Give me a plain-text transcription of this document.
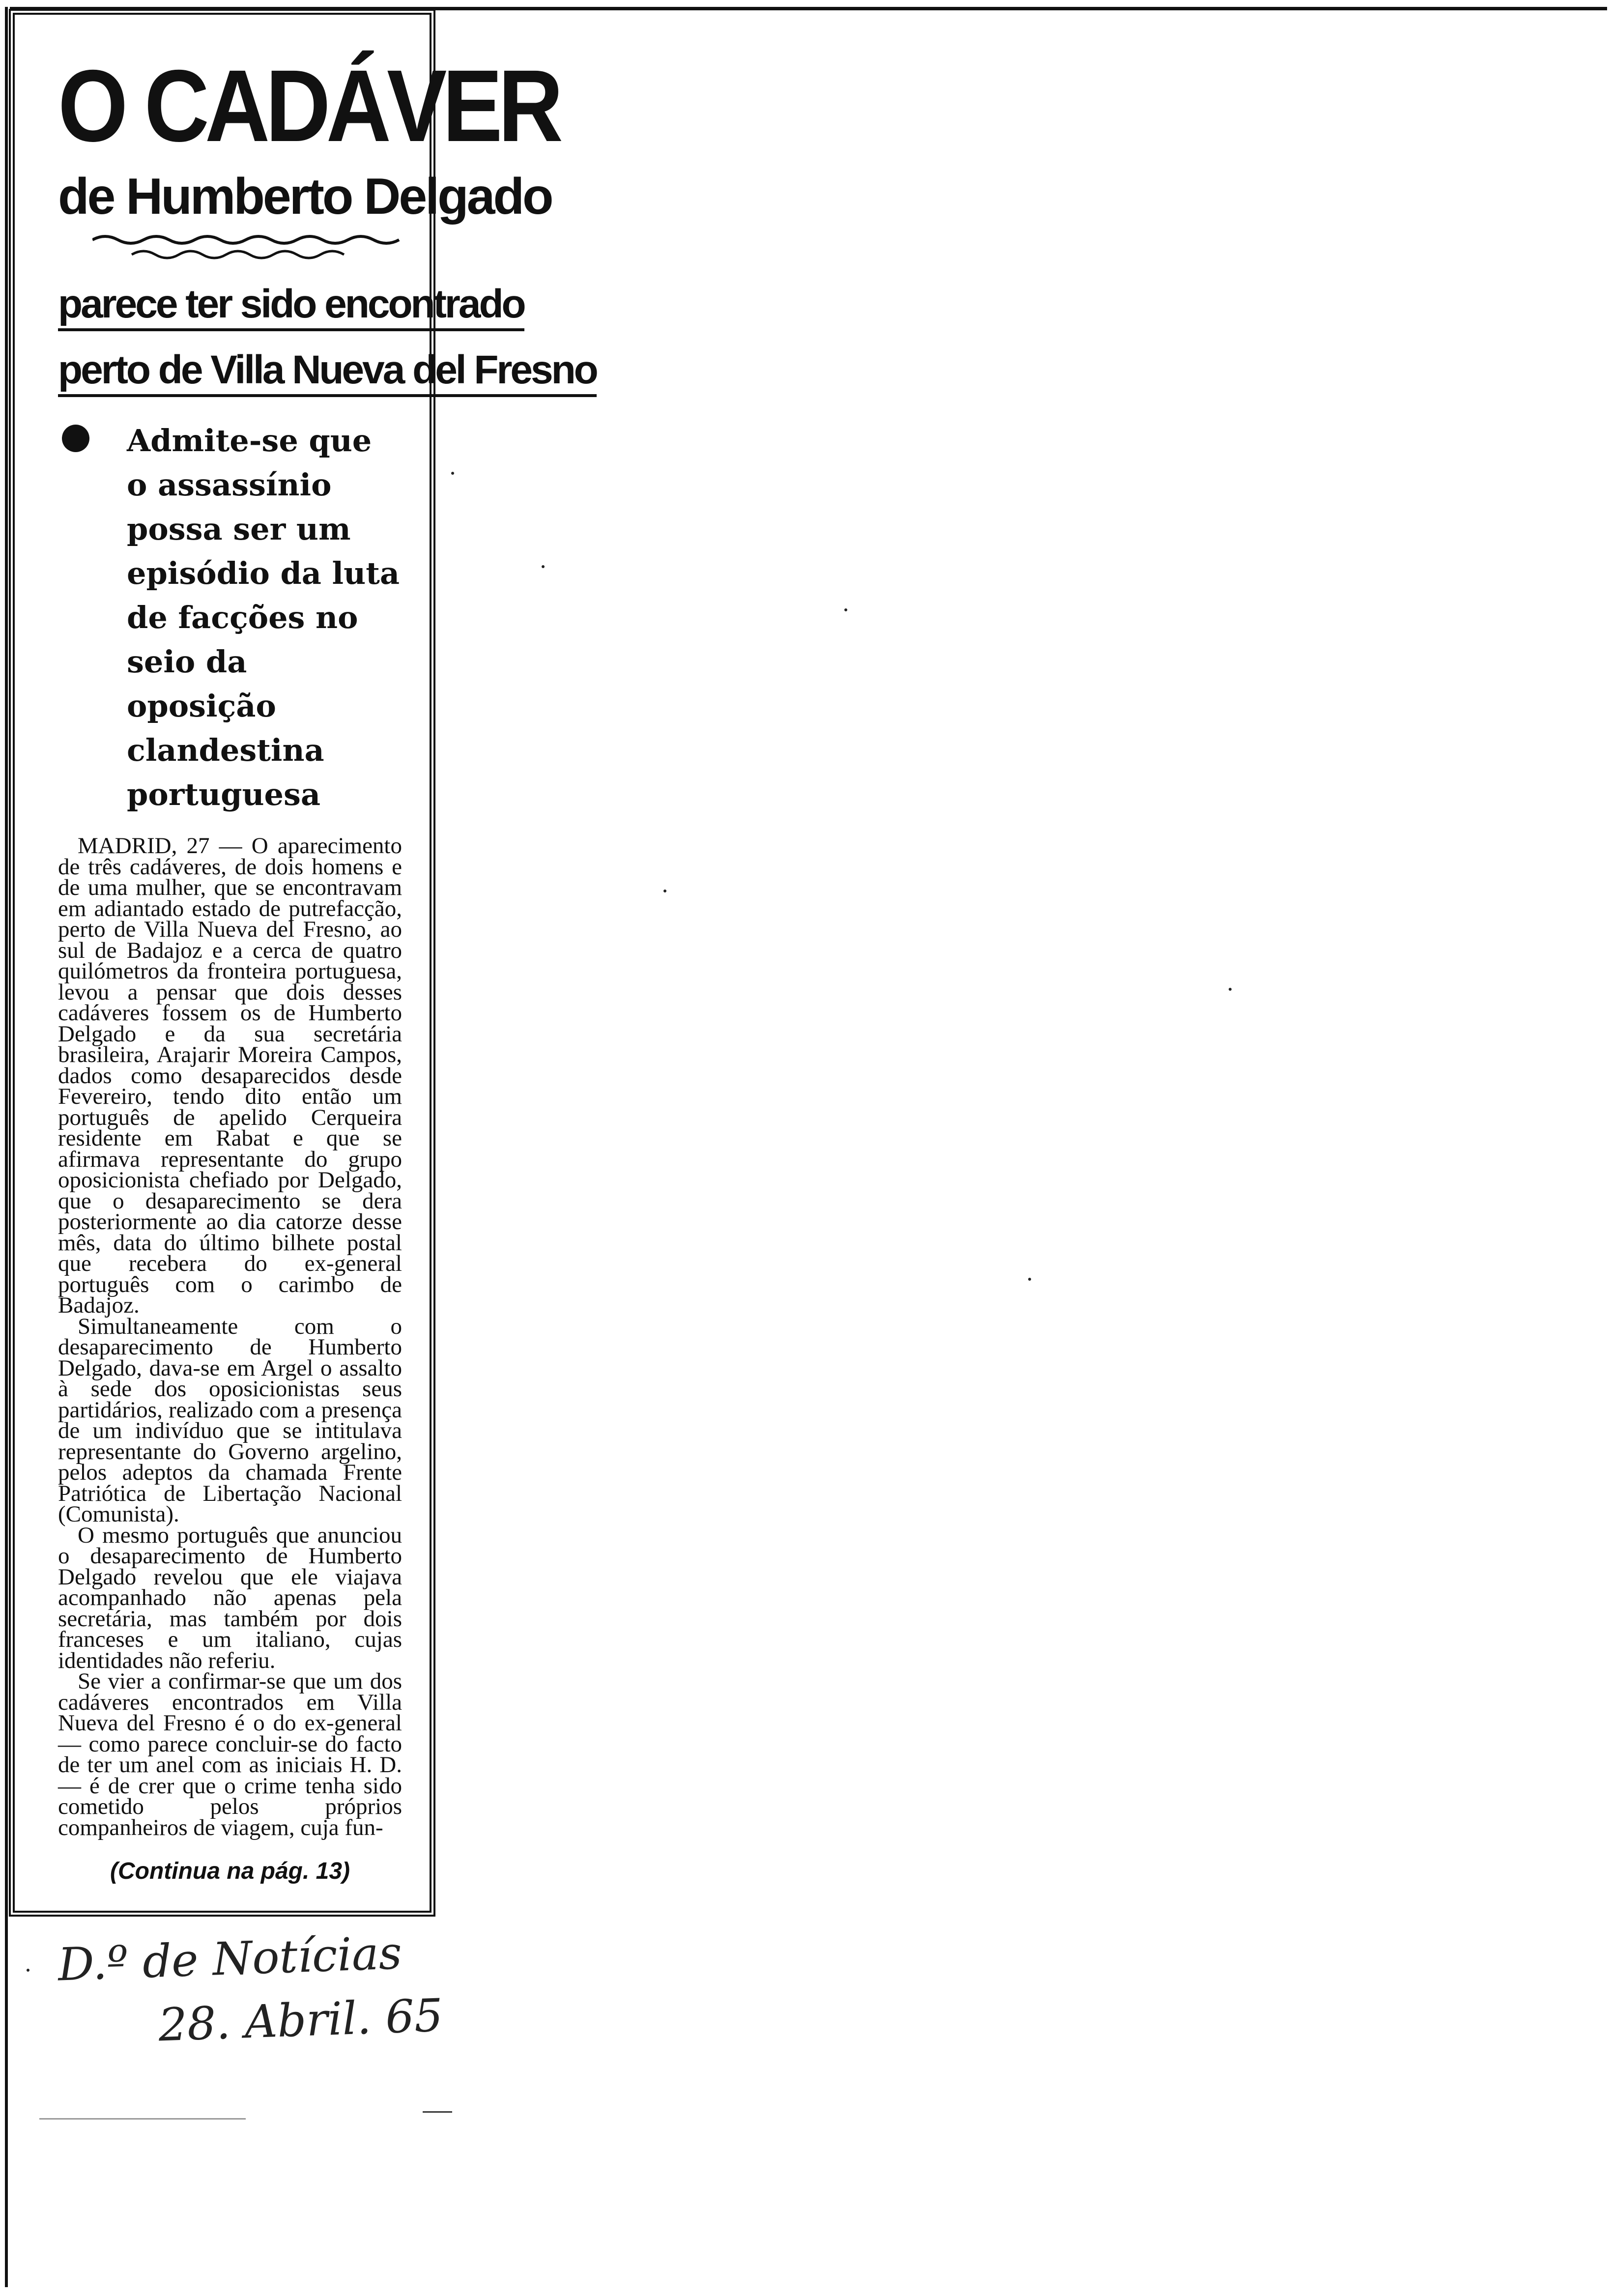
O CADÁVER
de Humberto Delgado
parece ter sido encontrado perto de Villa Nueva del Fresno
Admite-se que o assassínio possa ser um episódio da luta de facções no seio da oposição clandestina portuguesa

MADRID, 27 — O aparecimento de três cadáveres, de dois homens e de uma mulher, que se encontravam em adiantado estado de putrefacção, perto de Villa Nueva del Fresno, ao sul de Badajoz e a cerca de quatro quilómetros da fronteira portuguesa, levou a pensar que dois desses cadáveres fossem os de Humberto Delgado e da sua secretária brasileira, Arajarir Moreira Campos, dados como desaparecidos desde Fevereiro, tendo dito então um português de apelido Cerqueira residente em Rabat e que se afirmava representante do grupo oposicionista chefiado por Delgado, que o desaparecimento se dera posteriormente ao dia catorze desse mês, data do último bilhete postal que recebera do ex-general português com o carimbo de Badajoz.

Simultaneamente com o desaparecimento de Humberto Delgado, dava-se em Argel o assalto à sede dos oposicionistas seus partidários, realizado com a presença de um indivíduo que se intitulava representante do Governo argelino, pelos adeptos da chamada Frente Patriótica de Libertação Nacional (Comunista).

O mesmo português que anunciou o desaparecimento de Humberto Delgado revelou que ele viajava acompanhado não apenas pela secretária, mas também por dois franceses e um italiano, cujas identidades não referiu.

Se vier a confirmar-se que um dos cadáveres encontrados em Villa Nueva del Fresno é o do ex-general — como parece concluir-se do facto de ter um anel com as iniciais H. D. — é de crer que o crime tenha sido cometido pelos próprios companheiros de viagem, cuja fun-

(Continua na pág. 13)
D.º de Notícias
28. Abril. 65
